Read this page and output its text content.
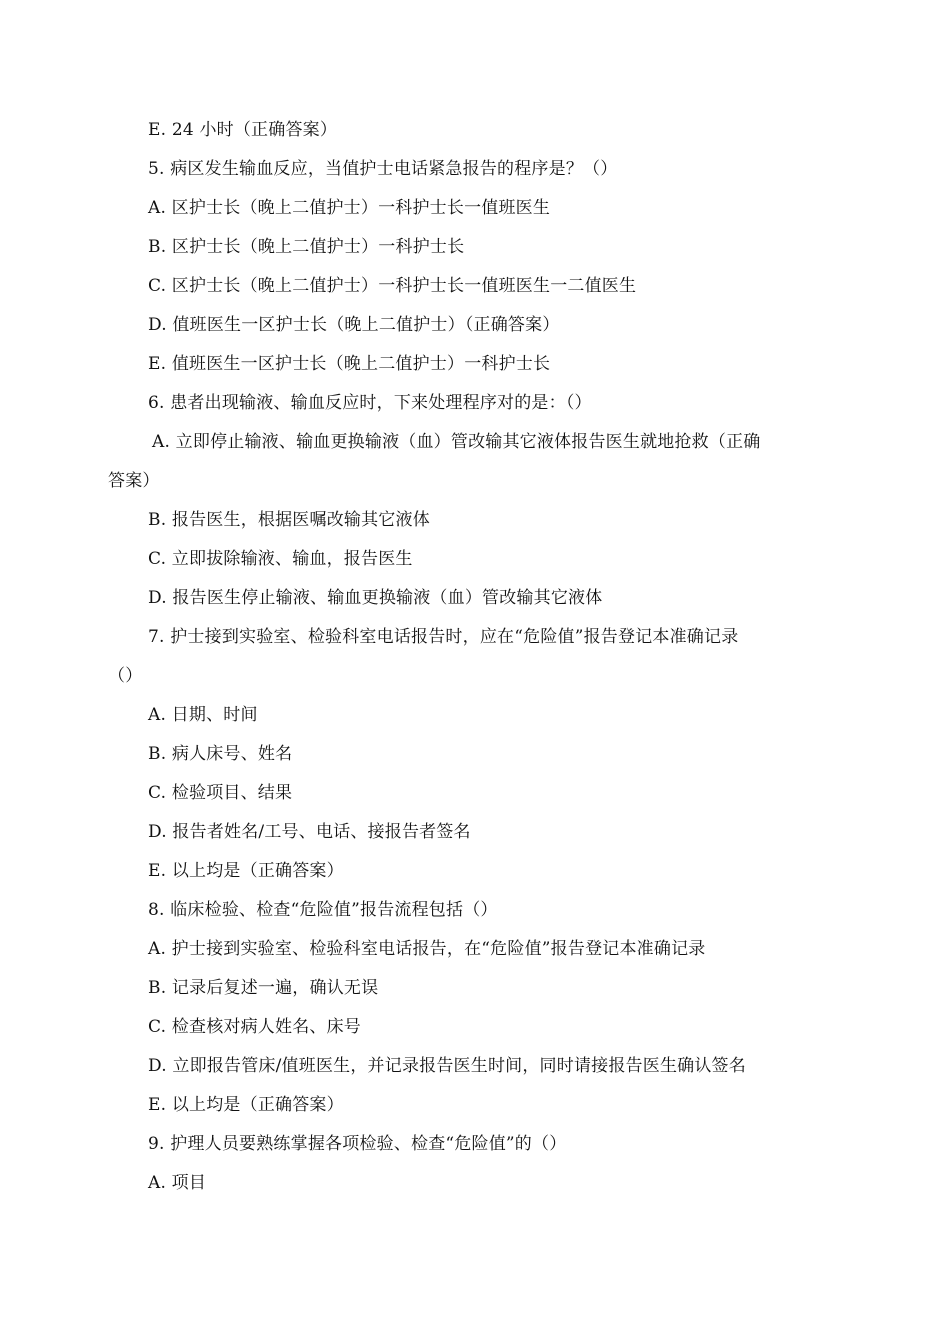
E. 24 小时（正确答案）
5. 病区发生输血反应，当值护士电话紧急报告的程序是？（）
A. 区护士长（晚上二值护士）一科护士长一值班医生
B. 区护士长（晚上二值护士）一科护士长
C. 区护士长（晚上二值护士）一科护士长一值班医生一二值医生
D. 值班医生一区护士长（晚上二值护士）（正确答案）
E. 值班医生一区护士长（晚上二值护士）一科护士长
6. 患者出现输液、输血反应时，下来处理程序对的是：（）
A. 立即停止输液、输血更换输液（血）管改输其它液体报告医生就地抢救（正确
答案）
B. 报告医生，根据医嘱改输其它液体
C. 立即拔除输液、输血，报告医生
D. 报告医生停止输液、输血更换输液（血）管改输其它液体
7. 护士接到实验室、检验科室电话报告时，应在“危险值”报告登记本准确记录
（）
A. 日期、时间
B. 病人床号、姓名
C. 检验项目、结果
D. 报告者姓名/工号、电话、接报告者签名
E. 以上均是（正确答案）
8. 临床检验、检查“危险值”报告流程包括（）
A. 护士接到实验室、检验科室电话报告，在“危险值”报告登记本准确记录
B. 记录后复述一遍，确认无误
C. 检查核对病人姓名、床号
D. 立即报告管床/值班医生，并记录报告医生时间，同时请接报告医生确认签名
E. 以上均是（正确答案）
9. 护理人员要熟练掌握各项检验、检查“危险值”的（）
A. 项目
